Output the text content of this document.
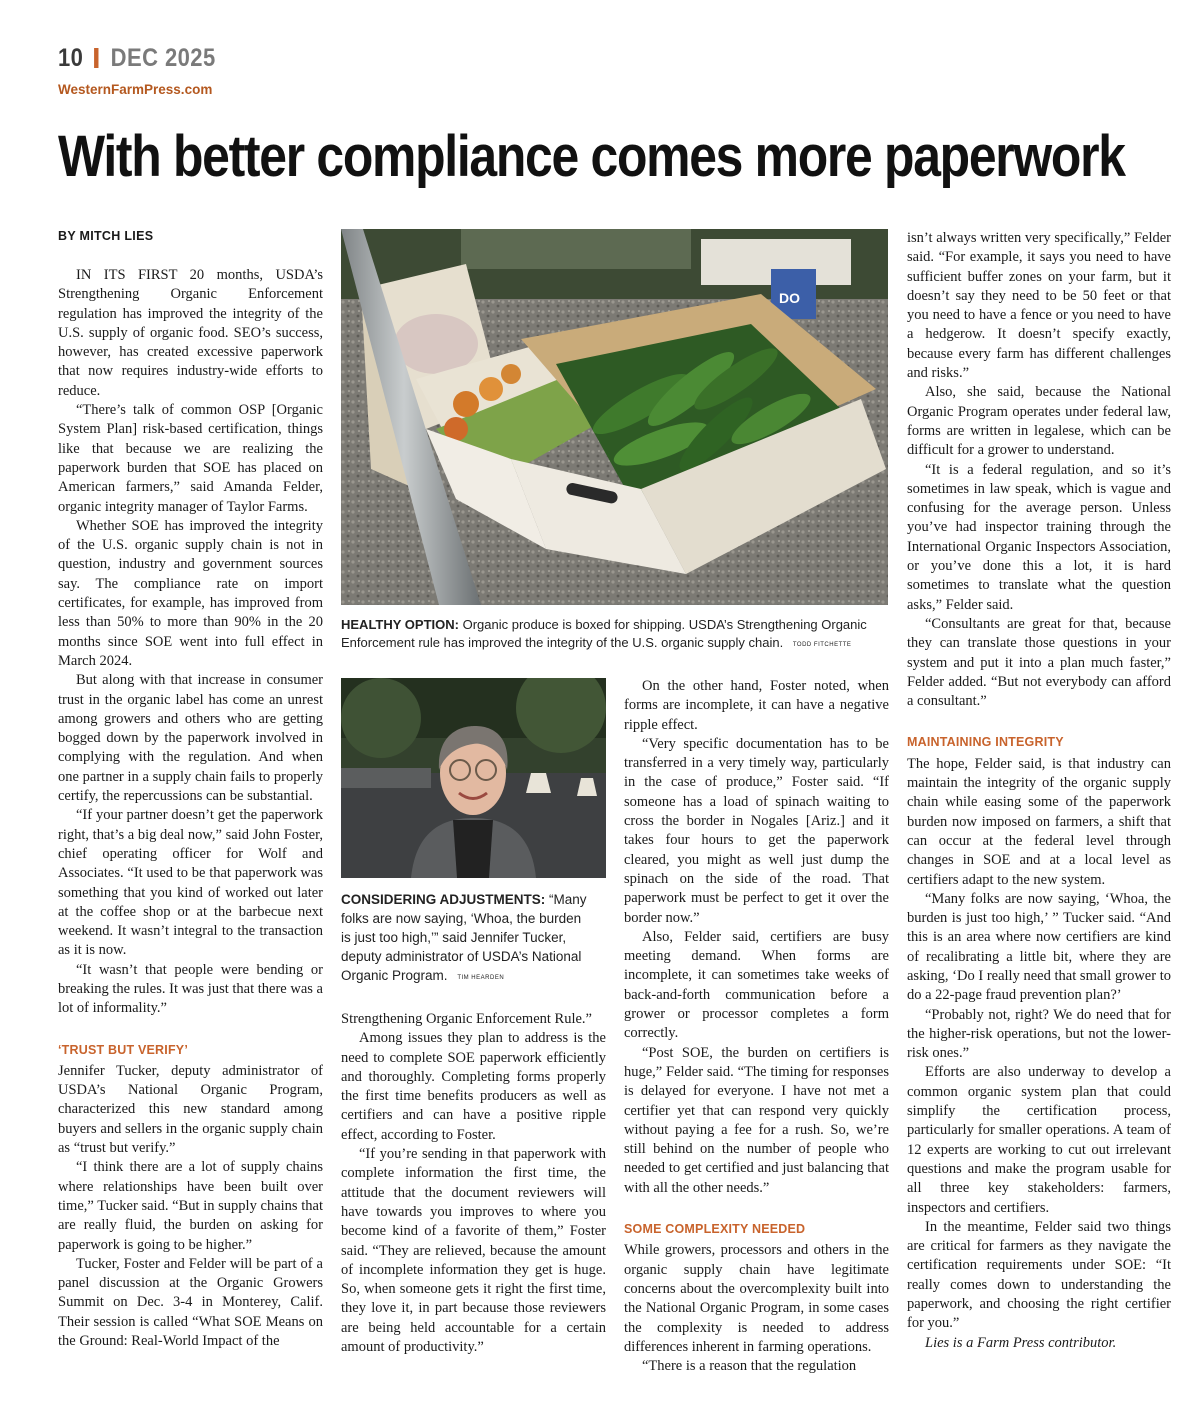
10 DEC 2025
WesternFarmPress.com
With better compliance comes more paperwork
BY MITCH LIES

IN ITS FIRST 20 months, USDA’s Strengthening Organic Enforcement regulation has improved the integrity of the U.S. supply of organic food. SEO’s success, however, has created excessive paperwork that now requires industry-wide efforts to reduce.

“There’s talk of common OSP [Organic System Plan] risk-based certification, things like that because we are realizing the paperwork burden that SOE has placed on American farmers,” said Amanda Felder, organic integrity manager of Taylor Farms.

Whether SOE has improved the integrity of the U.S. organic supply chain is not in question, industry and government sources say. The compliance rate on import certificates, for example, has improved from less than 50% to more than 90% in the 20 months since SOE went into full effect in March 2024.

But along with that increase in consumer trust in the organic label has come an unrest among growers and others who are getting bogged down by the paperwork involved in complying with the regulation. And when one partner in a supply chain fails to properly certify, the repercussions can be substantial.

“If your partner doesn’t get the paperwork right, that’s a big deal now,” said John Foster, chief operating officer for Wolf and Associates. “It used to be that paperwork was something that you kind of worked out later at the coffee shop or at the barbecue next weekend. It wasn’t integral to the transaction as it is now.

“It wasn’t that people were bending or breaking the rules. It was just that there was a lot of informality.”

‘TRUST BUT VERIFY’

Jennifer Tucker, deputy administrator of USDA’s National Organic Program, characterized this new standard among buyers and sellers in the organic supply chain as “trust but verify.”

“I think there are a lot of supply chains where relationships have been built over time,” Tucker said. “But in supply chains that are really fluid, the burden on asking for paperwork is going to be higher.”

Tucker, Foster and Felder will be part of a panel discussion at the Organic Growers Summit on Dec. 3-4 in Monterey, Calif. Their session is called “What SOE Means on the Ground: Real-World Impact of the

DO
HEALTHY OPTION: Organic produce is boxed for shipping. USDA’s Strengthening Organic Enforcement rule has improved the integrity of the U.S. organic supply chain. TODD FITCHETTE
CONSIDERING ADJUSTMENTS: “Many folks are now saying, ‘Whoa, the burden is just too high,’” said Jennifer Tucker, deputy administrator of USDA’s National Organic Program. TIM HEARDEN

Strengthening Organic Enforcement Rule.”

Among issues they plan to address is the need to complete SOE paperwork efficiently and thoroughly. Completing forms properly the first time benefits producers as well as certifiers and can have a positive ripple effect, according to Foster.

“If you’re sending in that paperwork with complete information the first time, the attitude that the document reviewers will have towards you improves to where you become kind of a favorite of them,” Foster said. “They are relieved, because the amount of incomplete information they get is huge. So, when someone gets it right the first time, they love it, in part because those reviewers are being held accountable for a certain amount of productivity.”

On the other hand, Foster noted, when forms are incomplete, it can have a negative ripple effect.

“Very specific documentation has to be transferred in a very timely way, particularly in the case of produce,” Foster said. “If someone has a load of spinach waiting to cross the border in Nogales [Ariz.] and it takes four hours to get the paperwork cleared, you might as well just dump the spinach on the side of the road. That paperwork must be perfect to get it over the border now.”

Also, Felder said, certifiers are busy meeting demand. When forms are incomplete, it can sometimes take weeks of back-and-forth communication before a grower or processor completes a form correctly.

“Post SOE, the burden on certifiers is huge,” Felder said. “The timing for responses is delayed for everyone. I have not met a certifier yet that can respond very quickly without paying a fee for a rush. So, we’re still behind on the number of people who needed to get certified and just balancing that with all the other needs.”

SOME COMPLEXITY NEEDED

While growers, processors and others in the organic supply chain have legitimate concerns about the overcomplexity built into the National Organic Program, in some cases the complexity is needed to address differences inherent in farming operations.

“There is a reason that the regulation

isn’t always written very specifically,” Felder said. “For example, it says you need to have sufficient buffer zones on your farm, but it doesn’t say they need to be 50 feet or that you need to have a fence or you need to have a hedgerow. It doesn’t specify exactly, because every farm has different challenges and risks.”

Also, she said, because the National Organic Program operates under federal law, forms are written in legalese, which can be difficult for a grower to understand.

“It is a federal regulation, and so it’s sometimes in law speak, which is vague and confusing for the average person. Unless you’ve had inspector training through the International Organic Inspectors Association, or you’ve done this a lot, it is hard sometimes to translate what the question asks,” Felder said.

“Consultants are great for that, because they can translate those questions in your system and put it into a plan much faster,” Felder added. “But not everybody can afford a consultant.”

MAINTAINING INTEGRITY

The hope, Felder said, is that industry can maintain the integrity of the organic supply chain while easing some of the paperwork burden now imposed on farmers, a shift that can occur at the federal level through changes in SOE and at a local level as certifiers adapt to the new system.

“Many folks are now saying, ‘Whoa, the burden is just too high,’ ” Tucker said. “And this is an area where now certifiers are kind of recalibrating a little bit, where they are asking, ‘Do I really need that small grower to do a 22-page fraud prevention plan?’

“Probably not, right? We do need that for the higher-risk operations, but not the lower-risk ones.”

Efforts are also underway to develop a common organic system plan that could simplify the certification process, particularly for smaller operations. A team of 12 experts are working to cut out irrelevant questions and make the program usable for all three key stakeholders: farmers, inspectors and certifiers.

In the meantime, Felder said two things are critical for farmers as they navigate the certification requirements under SOE: “It really comes down to understanding the paperwork, and choosing the right certifier for you.”

Lies is a Farm Press contributor.
